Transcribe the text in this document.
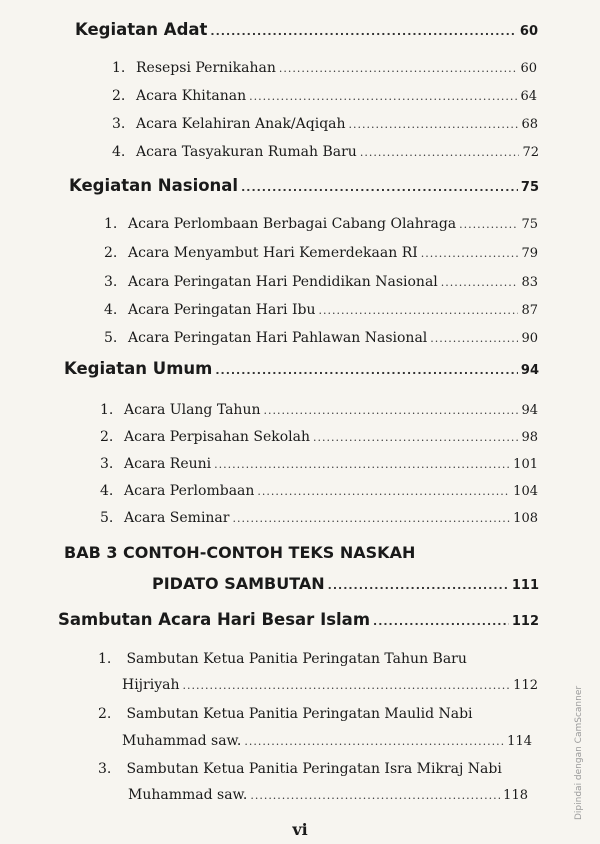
Kegiatan Adat .....	60
1. Resepsi Pernikahan .....	60
2. Acara Khitanan .....	64
3. Acara Kelahiran Anak/Aqiqah .....	68
4. Acara Tasyakuran Rumah Baru .....	72
Kegiatan Nasional .....	75
1. Acara Perlombaan Berbagai Cabang Olahraga .....	75
2. Acara Menyambut Hari Kemerdekaan RI .....	79
3. Acara Peringatan Hari Pendidikan Nasional .....	83
4. Acara Peringatan Hari Ibu .....	87
5. Acara Peringatan Hari Pahlawan Nasional .....	90
Kegiatan Umum .....	94
1. Acara Ulang Tahun .....	94
2. Acara Perpisahan Sekolah .....	98
3. Acara Reuni .....	101
4. Acara Perlombaan .....	104
5. Acara Seminar .....	108
BAB 3 CONTOH-CONTOH TEKS NASKAH
PIDATO SAMBUTAN .....	111
Sambutan Acara Hari Besar Islam .....	112
1. Sambutan Ketua Panitia Peringatan Tahun Baru
Hijriyah .....	112
2. Sambutan Ketua Panitia Peringatan Maulid Nabi
Muhammad saw. .....	114
3. Sambutan Ketua Panitia Peringatan Isra Mikraj Nabi
Muhammad saw. .....	118
vi
Dipindai dengan CamScanner
